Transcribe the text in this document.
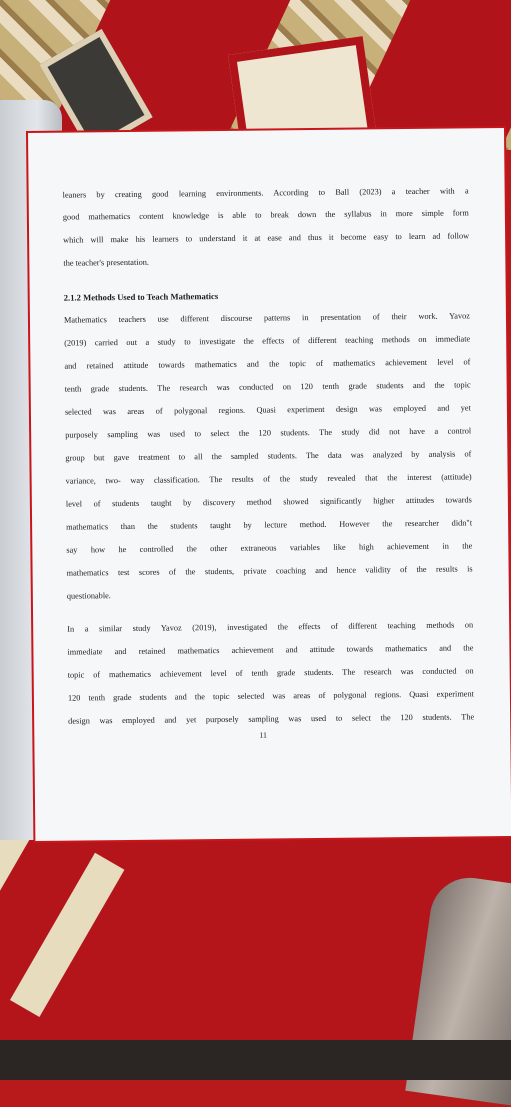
leaners by creating good learning environments. According to Ball (2023) a teacher with a
good mathematics content knowledge is able to break down the syllabus in more simple form
which will make his learners to understand it at ease and thus it become easy to learn ad follow
the teacher's presentation.
2.1.2 Methods Used to Teach Mathematics
Mathematics teachers use different discourse patterns in presentation of their work. Yavoz
(2019) carried out a study to investigate the effects of different teaching methods on immediate
and retained attitude towards mathematics and the topic of mathematics achievement level of
tenth grade students. The research was conducted on 120 tenth grade students and the topic
selected was areas of polygonal regions. Quasi experiment design was employed and yet
purposely sampling was used to select the 120 students. The study did not have a control
group but gave treatment to all the sampled students. The data was analyzed by analysis of
variance, two- way classification. The results of the study revealed that the interest (attitude)
level of students taught by discovery method showed significantly higher attitudes towards
mathematics than the students taught by lecture method. However the researcher didn"t
say how he controlled the other extraneous variables like high achievement in the
mathematics test scores of the students, private coaching and hence validity of the results is
questionable.
In a similar study Yavoz (2019), investigated the effects of different teaching methods on
immediate and retained mathematics achievement and attitude towards mathematics and the
topic of mathematics achievement level of tenth grade students. The research was conducted on
120 tenth grade students and the topic selected was areas of polygonal regions. Quasi experiment
design was employed and yet purposely sampling was used to select the 120 students. The
11
